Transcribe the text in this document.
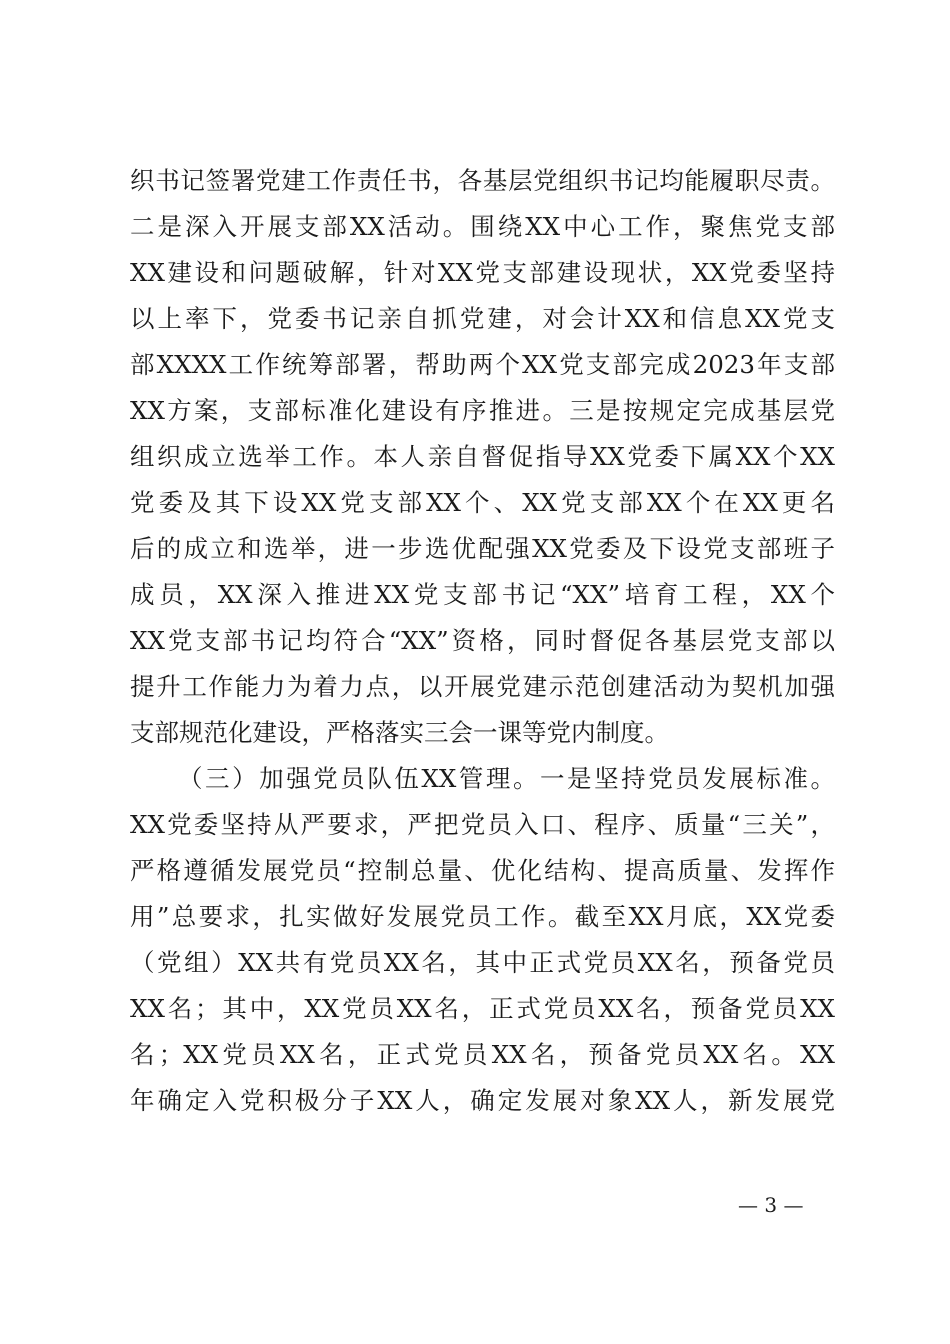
织书记签署党建工作责任书，各基层党组织书记均能履职尽责。
二是深入开展支部XX活动。围绕XX中心工作，聚焦党支部
XX建设和问题破解，针对XX党支部建设现状，XX党委坚持
以上率下，党委书记亲自抓党建，对会计XX和信息XX党支
部XXXX工作统筹部署，帮助两个XX党支部完成2023年支部
XX方案，支部标准化建设有序推进。三是按规定完成基层党
组织成立选举工作。本人亲自督促指导XX党委下属XX个XX
党委及其下设XX党支部XX个、XX党支部XX个在XX更名
后的成立和选举，进一步选优配强XX党委及下设党支部班子
成员，XX深入推进XX党支部书记“XX”培育工程，XX个
XX党支部书记均符合“XX”资格，同时督促各基层党支部以
提升工作能力为着力点，以开展党建示范创建活动为契机加强
支部规范化建设，严格落实三会一课等党内制度。
（三）加强党员队伍XX管理。一是坚持党员发展标准。
XX党委坚持从严要求，严把党员入口、程序、质量“三关”，
严格遵循发展党员“控制总量、优化结构、提高质量、发挥作
用”总要求，扎实做好发展党员工作。截至XX月底，XX党委
（党组）XX共有党员XX名，其中正式党员XX名，预备党员
XX名；其中，XX党员XX名，正式党员XX名，预备党员XX
名；XX党员XX名，正式党员XX名，预备党员XX名。XX
年确定入党积极分子XX人，确定发展对象XX人，新发展党
— 3 —
